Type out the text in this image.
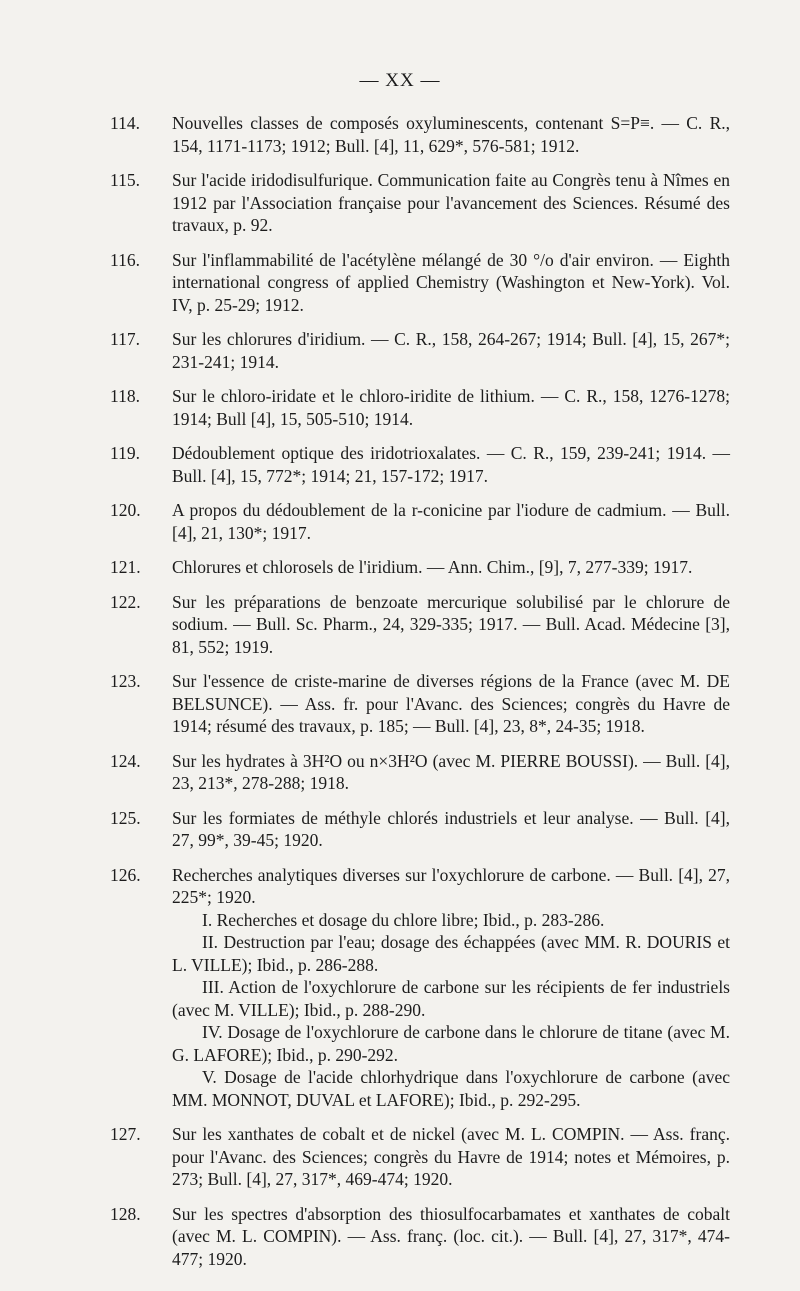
— XX —
114. Nouvelles classes de composés oxyluminescents, contenant S=P≡. — C. R., 154, 1171-1173; 1912; Bull. [4], 11, 629*, 576-581; 1912.
115. Sur l'acide iridodisulfurique. Communication faite au Congrès tenu à Nîmes en 1912 par l'Association française pour l'avancement des Sciences. Résumé des travaux, p. 92.
116. Sur l'inflammabilité de l'acétylène mélangé de 30 °/o d'air environ. — Eighth international congress of applied Chemistry (Washington et New-York). Vol. IV, p. 25-29; 1912.
117. Sur les chlorures d'iridium. — C. R., 158, 264-267; 1914; Bull. [4], 15, 267*; 231-241; 1914.
118. Sur le chloro-iridate et le chloro-iridite de lithium. — C. R., 158, 1276-1278; 1914; Bull [4], 15, 505-510; 1914.
119. Dédoublement optique des iridotrioxalates. — C. R., 159, 239-241; 1914. — Bull. [4], 15, 772*; 1914; 21, 157-172; 1917.
120. A propos du dédoublement de la r-conicine par l'iodure de cadmium. — Bull. [4], 21, 130*; 1917.
121. Chlorures et chlorosels de l'iridium. — Ann. Chim., [9], 7, 277-339; 1917.
122. Sur les préparations de benzoate mercurique solubilisé par le chlorure de sodium. — Bull. Sc. Pharm., 24, 329-335; 1917. — Bull. Acad. Médecine [3], 81, 552; 1919.
123. Sur l'essence de criste-marine de diverses régions de la France (avec M. DE BELSUNCE). — Ass. fr. pour l'Avanc. des Sciences; congrès du Havre de 1914; résumé des travaux, p. 185; — Bull. [4], 23, 8*, 24-35; 1918.
124. Sur les hydrates à 3H²O ou n×3H²O (avec M. PIERRE BOUSSI). — Bull. [4], 23, 213*, 278-288; 1918.
125. Sur les formiates de méthyle chlorés industriels et leur analyse. — Bull. [4], 27, 99*, 39-45; 1920.
126. Recherches analytiques diverses sur l'oxychlorure de carbone. — Bull. [4], 27, 225*; 1920.
I. Recherches et dosage du chlore libre; Ibid., p. 283-286.
II. Destruction par l'eau; dosage des échappées (avec MM. R. DOURIS et L. VILLE); Ibid., p. 286-288.
III. Action de l'oxychlorure de carbone sur les récipients de fer industriels (avec M. VILLE); Ibid., p. 288-290.
IV. Dosage de l'oxychlorure de carbone dans le chlorure de titane (avec M. G. LAFORE); Ibid., p. 290-292.
V. Dosage de l'acide chlorhydrique dans l'oxychlorure de carbone (avec MM. MONNOT, DUVAL et LAFORE); Ibid., p. 292-295.
127. Sur les xanthates de cobalt et de nickel (avec M. L. COMPIN. — Ass. franç. pour l'Avanc. des Sciences; congrès du Havre de 1914; notes et Mémoires, p. 273; Bull. [4], 27, 317*, 469-474; 1920.
128. Sur les spectres d'absorption des thiosulfocarbamates et xanthates de cobalt (avec M. L. COMPIN). — Ass. franç. (loc. cit.). — Bull. [4], 27, 317*, 474-477; 1920.
